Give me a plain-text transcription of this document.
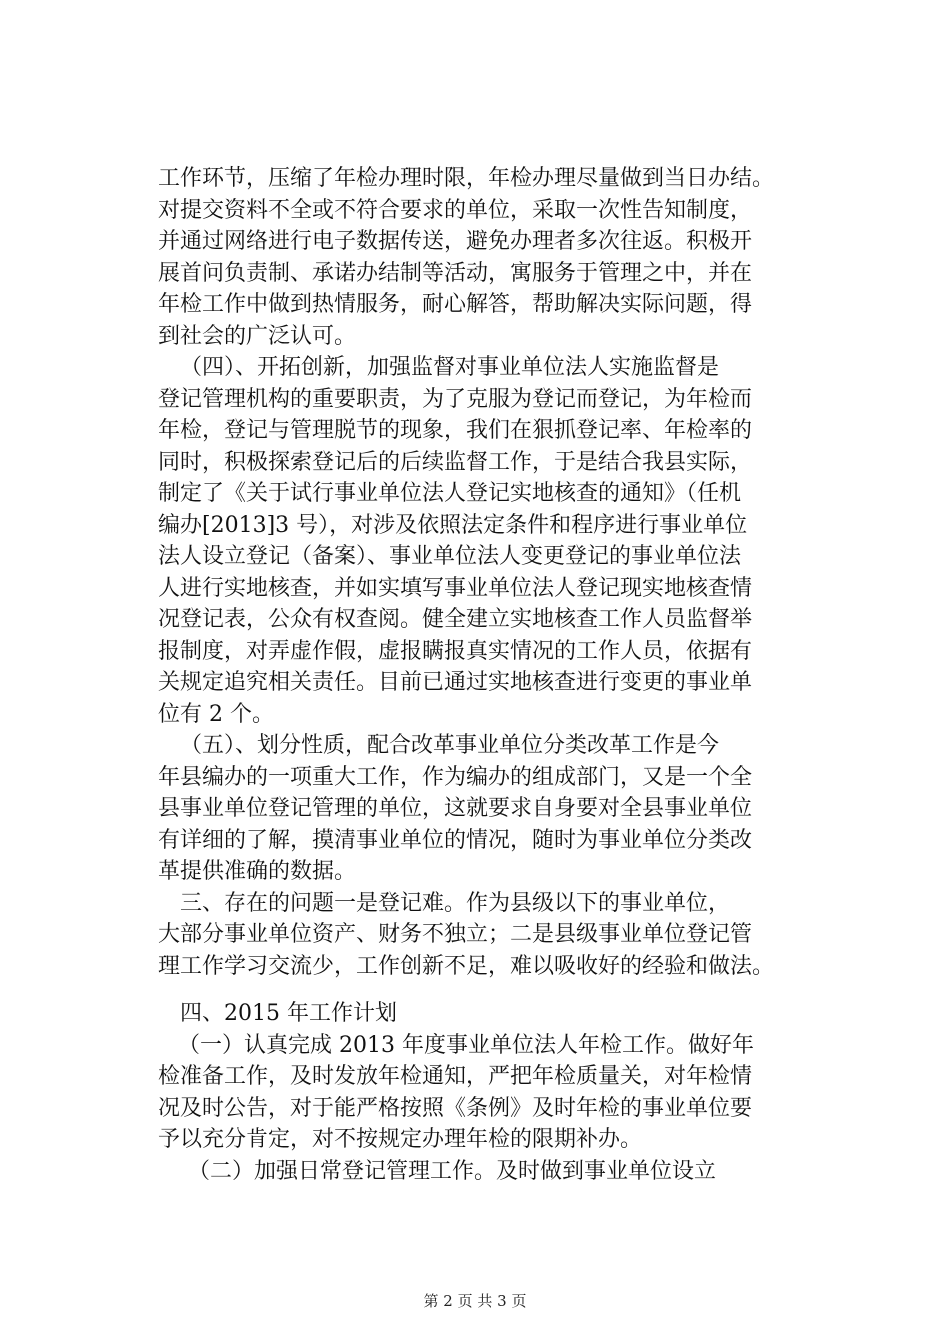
工作环节，压缩了年检办理时限，年检办理尽量做到当日办结。
对提交资料不全或不符合要求的单位，采取一次性告知制度，
并通过网络进行电子数据传送，避免办理者多次往返。积极开
展首问负责制、承诺办结制等活动，寓服务于管理之中，并在
年检工作中做到热情服务，耐心解答，帮助解决实际问题，得
到社会的广泛认可。
（四）、开拓创新，加强监督对事业单位法人实施监督是
登记管理机构的重要职责，为了克服为登记而登记，为年检而
年检，登记与管理脱节的现象，我们在狠抓登记率、年检率的
同时，积极探索登记后的后续监督工作，于是结合我县实际，
制定了《关于试行事业单位法人登记实地核查的通知》（任机
编办[2013]3 号），对涉及依照法定条件和程序进行事业单位
法人设立登记（备案）、事业单位法人变更登记的事业单位法
人进行实地核查，并如实填写事业单位法人登记现实地核查情
况登记表，公众有权查阅。健全建立实地核查工作人员监督举
报制度，对弄虚作假，虚报瞒报真实情况的工作人员，依据有
关规定追究相关责任。目前已通过实地核查进行变更的事业单
位有 2 个。
（五）、划分性质，配合改革事业单位分类改革工作是今
年县编办的一项重大工作，作为编办的组成部门，又是一个全
县事业单位登记管理的单位，这就要求自身要对全县事业单位
有详细的了解，摸清事业单位的情况，随时为事业单位分类改
革提供准确的数据。
三、存在的问题一是登记难。作为县级以下的事业单位，
大部分事业单位资产、财务不独立；二是县级事业单位登记管
理工作学习交流少，工作创新不足，难以吸收好的经验和做法。
四、2015 年工作计划
（一）认真完成 2013 年度事业单位法人年检工作。做好年
检准备工作，及时发放年检通知，严把年检质量关，对年检情
况及时公告，对于能严格按照《条例》及时年检的事业单位要
予以充分肯定，对不按规定办理年检的限期补办。
（二）加强日常登记管理工作。及时做到事业单位设立
第 2 页 共 3 页
